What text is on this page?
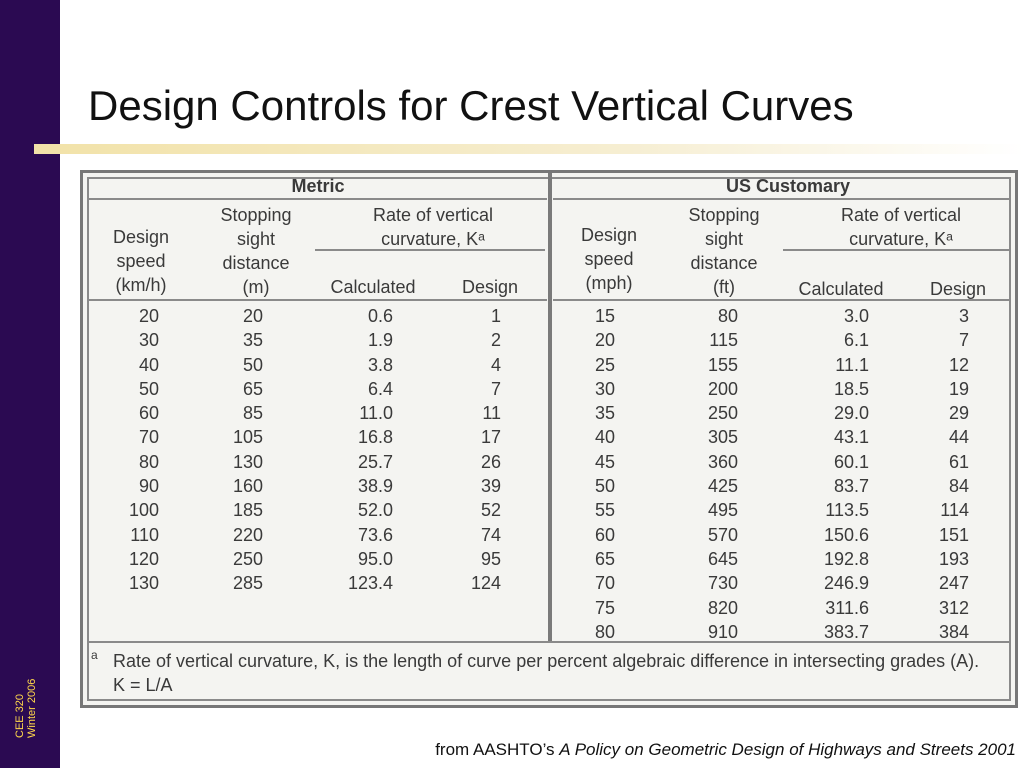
CEE 320 Winter 2006
Design Controls for Crest Vertical Curves
Metric
Design
speed
(km/h)
Stopping
sight
distance
(m)
Rate of vertical
curvature, Kᵃ
Calculated	Design
US Customary
Design
speed
(mph)
Stopping
sight
distance
(ft)
Rate of vertical
curvature, Kᵃ
Calculated	Design
20
30
40
50
60
70
80
90
100
110
120
130
20
35
50
65
85
105
130
160
185
220
250
285
0.6
1.9
3.8
6.4
11.0
16.8
25.7
38.9
52.0
73.6
95.0
123.4
1
2
4
7
11
17
26
39
52
74
95
124
15
20
25
30
35
40
45
50
55
60
65
70
75
80
80
115
155
200
250
305
360
425
495
570
645
730
820
910
3.0
6.1
11.1
18.5
29.0
43.1
60.1
83.7
113.5
150.6
192.8
246.9
311.6
383.7
3
7
12
19
29
44
61
84
114
151
193
247
312
384
a Rate of vertical curvature, K, is the length of curve per percent algebraic difference in intersecting grades (A). K = L/A
from AASHTO’s A Policy on Geometric Design of Highways and Streets 2001
